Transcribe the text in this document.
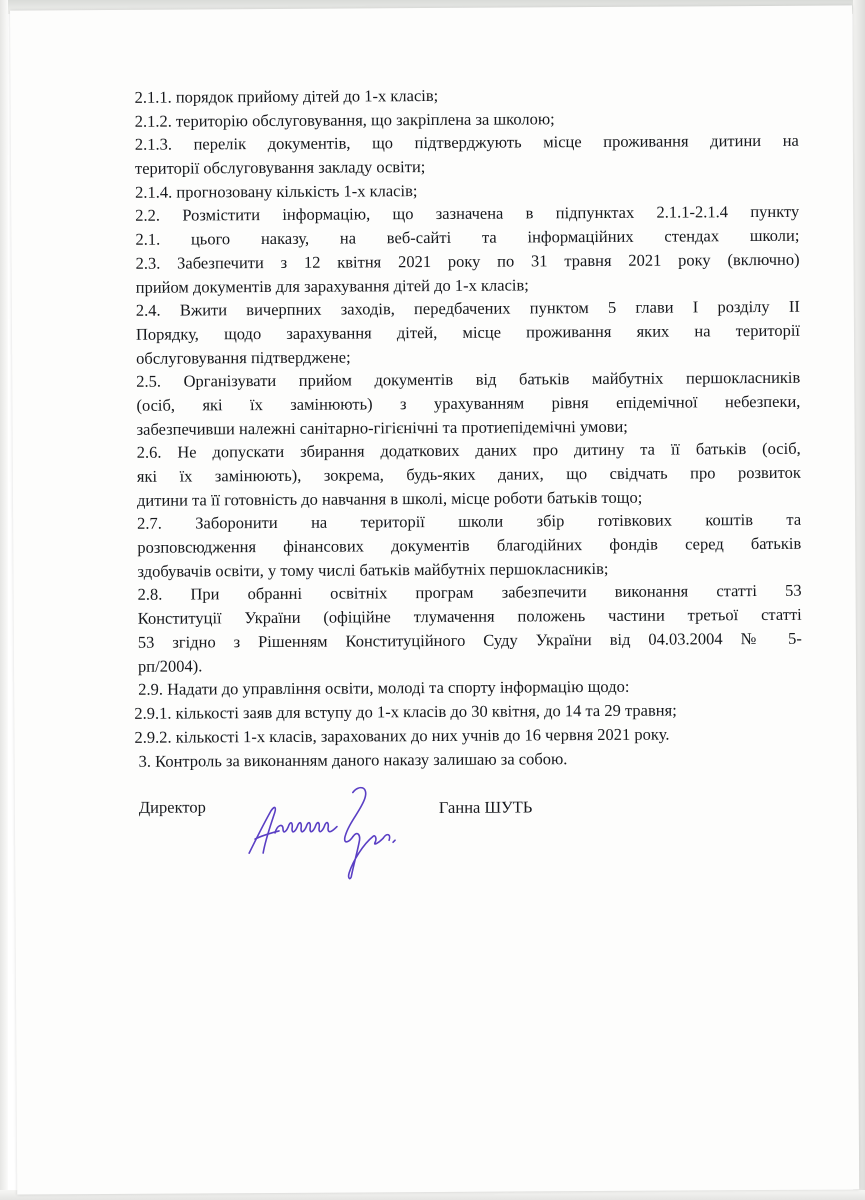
2.1.1. порядок прийому дітей до 1-х класів;
2.1.2. територію обслуговування, що закріплена за школою;
2.1.3. перелік документів, що підтверджують місце проживання дитини на
території обслуговування закладу освіти;
2.1.4. прогнозовану кількість 1-х класів;
2.2. Розмістити інформацію, що зазначена в підпунктах 2.1.1-2.1.4 пункту
2.1. цього наказу, на веб-сайті та інформаційних стендах школи;
2.3. Забезпечити з 12 квітня 2021 року по 31 травня 2021 року (включно)
прийом документів для зарахування дітей до 1-х класів;
2.4. Вжити вичерпних заходів, передбачених пунктом 5 глави І розділу ІІ
Порядку, щодо зарахування дітей, місце проживання яких на території
обслуговування підтверджене;
2.5. Організувати прийом документів від батьків майбутніх першокласників
(осіб, які їх замінюють) з урахуванням рівня епідемічної небезпеки,
забезпечивши належні санітарно-гігієнічні та протиепідемічні умови;
2.6. Не допускати збирання додаткових даних про дитину та її батьків (осіб,
які їх замінюють), зокрема, будь-яких даних, що свідчать про розвиток
дитини та її готовність до навчання в школі, місце роботи батьків тощо;
2.7. Заборонити на території школи збір готівкових коштів та
розповсюдження фінансових документів благодійних фондів серед батьків
здобувачів освіти, у тому числі батьків майбутніх першокласників;
2.8. При обранні освітніх програм забезпечити виконання статті 53
Конституції України (офіційне тлумачення положень частини третьої статті
53 згідно з Рішенням Конституційного Суду України від 04.03.2004 № 5-
рп/2004).
2.9. Надати до управління освіти, молоді та спорту інформацію щодо:
2.9.1. кількості заяв для вступу до 1-х класів до 30 квітня, до 14 та 29 травня;
2.9.2. кількості 1-х класів, зарахованих до них учнів до 16 червня 2021 року.
3. Контроль за виконанням даного наказу залишаю за собою.
Директор	Ганна ШУТЬ
